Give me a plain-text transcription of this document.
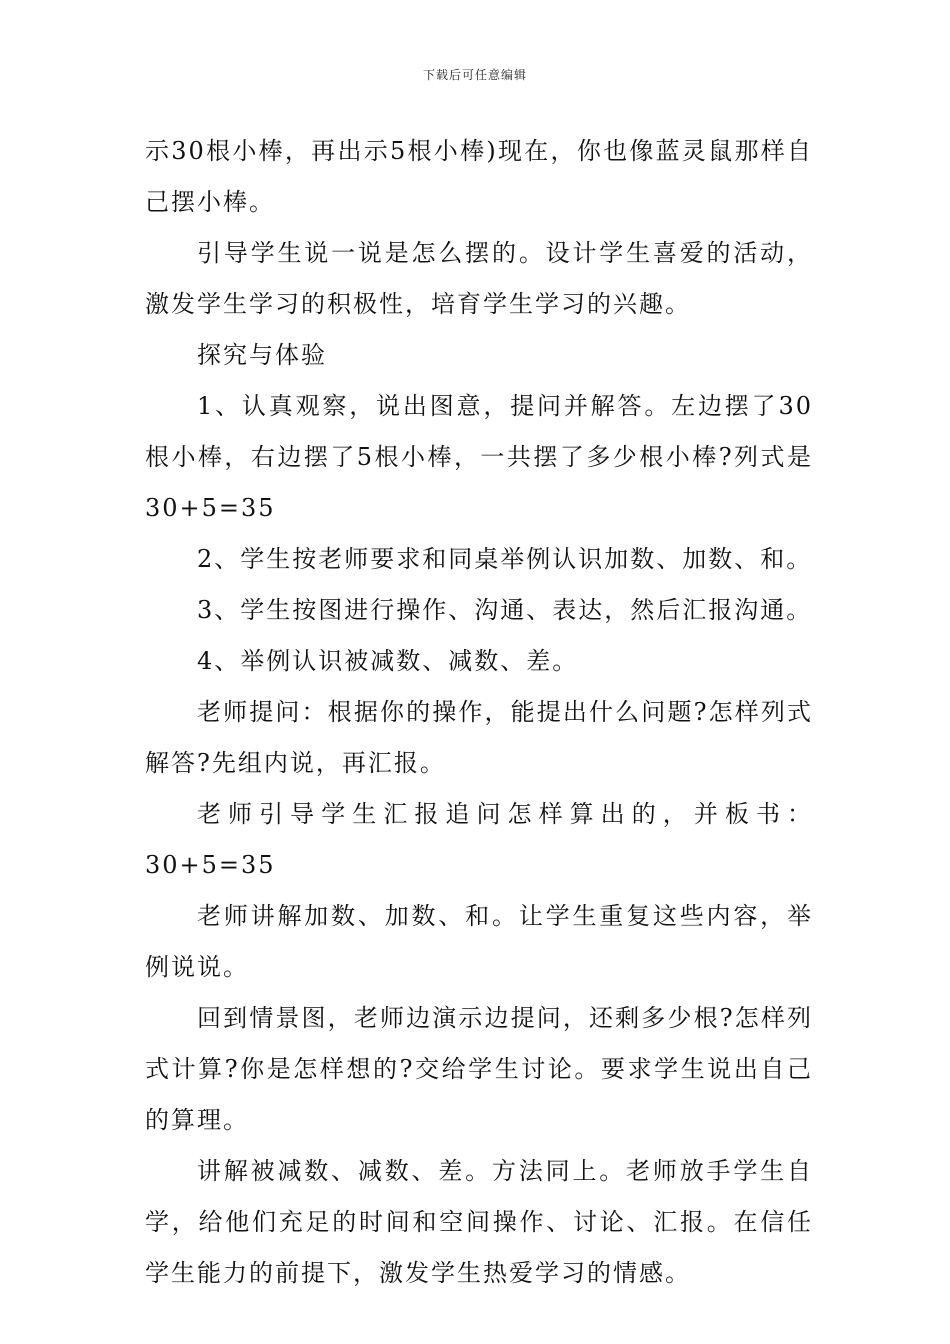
下载后可任意编辑

示30根小棒，再出示5根小棒)现在，你也像蓝灵鼠那样自己摆小棒。

引导学生说一说是怎么摆的。设计学生喜爱的活动，激发学生学习的积极性，培育学生学习的兴趣。

探究与体验

1、认真观察，说出图意，提问并解答。左边摆了30根小棒，右边摆了5根小棒，一共摆了多少根小棒?列式是30+5=35

2、学生按老师要求和同桌举例认识加数、加数、和。

3、学生按图进行操作、沟通、表达，然后汇报沟通。

4、举例认识被减数、减数、差。

老师提问：根据你的操作，能提出什么问题?怎样列式解答?先组内说，再汇报。

老师引导学生汇报追问怎样算出的，并板书：30+5=35

老师讲解加数、加数、和。让学生重复这些内容，举例说说。

回到情景图，老师边演示边提问，还剩多少根?怎样列式计算?你是怎样想的?交给学生讨论。要求学生说出自己的算理。

讲解被减数、减数、差。方法同上。老师放手学生自学，给他们充足的时间和空间操作、讨论、汇报。在信任学生能力的前提下，激发学生热爱学习的情感。
